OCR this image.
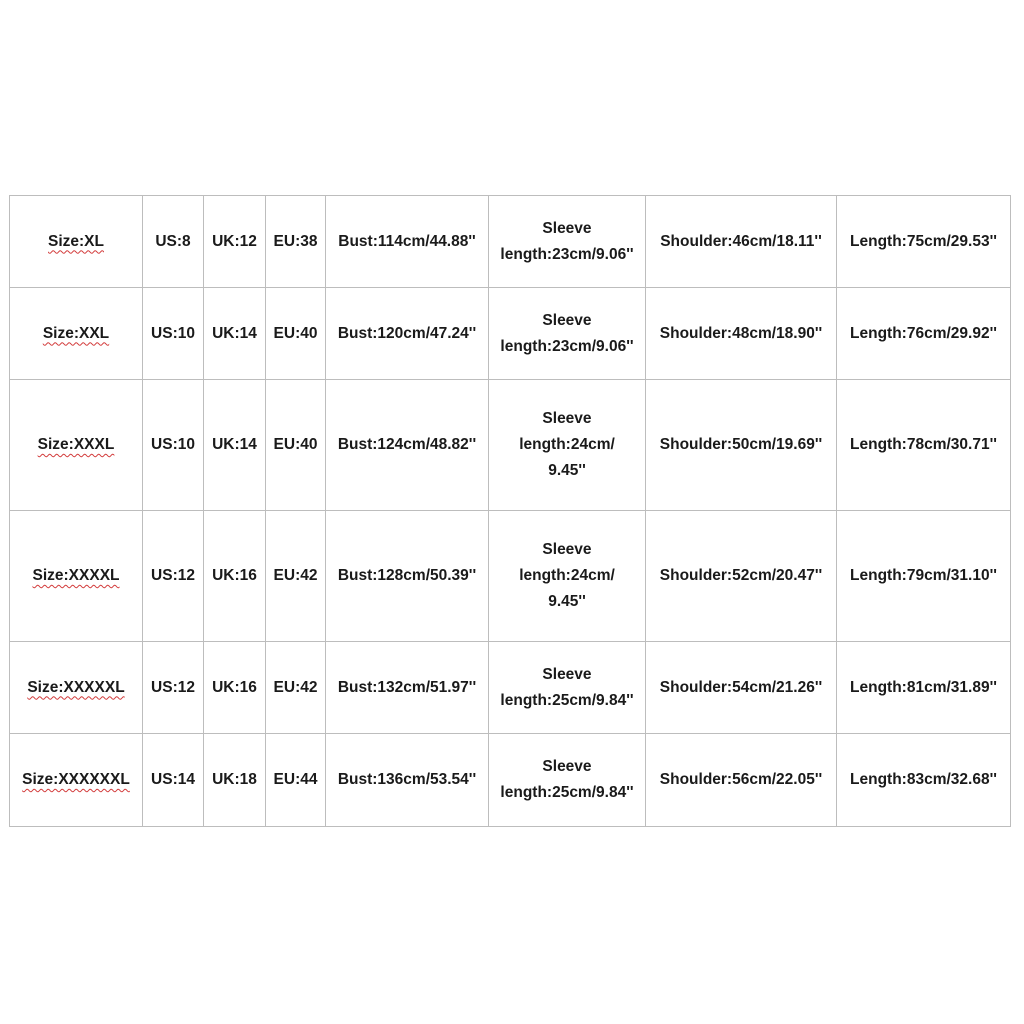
Size:XL	US:8	UK:12	EU:38	Bust:114cm/44.88''	Sleeve
length:23cm/9.06''	Shoulder:46cm/18.11''	Length:75cm/29.53''
Size:XXL	US:10	UK:14	EU:40	Bust:120cm/47.24''	Sleeve
length:23cm/9.06''	Shoulder:48cm/18.90''	Length:76cm/29.92''
Size:XXXL	US:10	UK:14	EU:40	Bust:124cm/48.82''	Sleeve
length:24cm/
9.45''	Shoulder:50cm/19.69''	Length:78cm/30.71''
Size:XXXXL	US:12	UK:16	EU:42	Bust:128cm/50.39''	Sleeve
length:24cm/
9.45''	Shoulder:52cm/20.47''	Length:79cm/31.10''
Size:XXXXXL	US:12	UK:16	EU:42	Bust:132cm/51.97''	Sleeve
length:25cm/9.84''	Shoulder:54cm/21.26''	Length:81cm/31.89''
Size:XXXXXXL	US:14	UK:18	EU:44	Bust:136cm/53.54''	Sleeve
length:25cm/9.84''	Shoulder:56cm/22.05''	Length:83cm/32.68''
